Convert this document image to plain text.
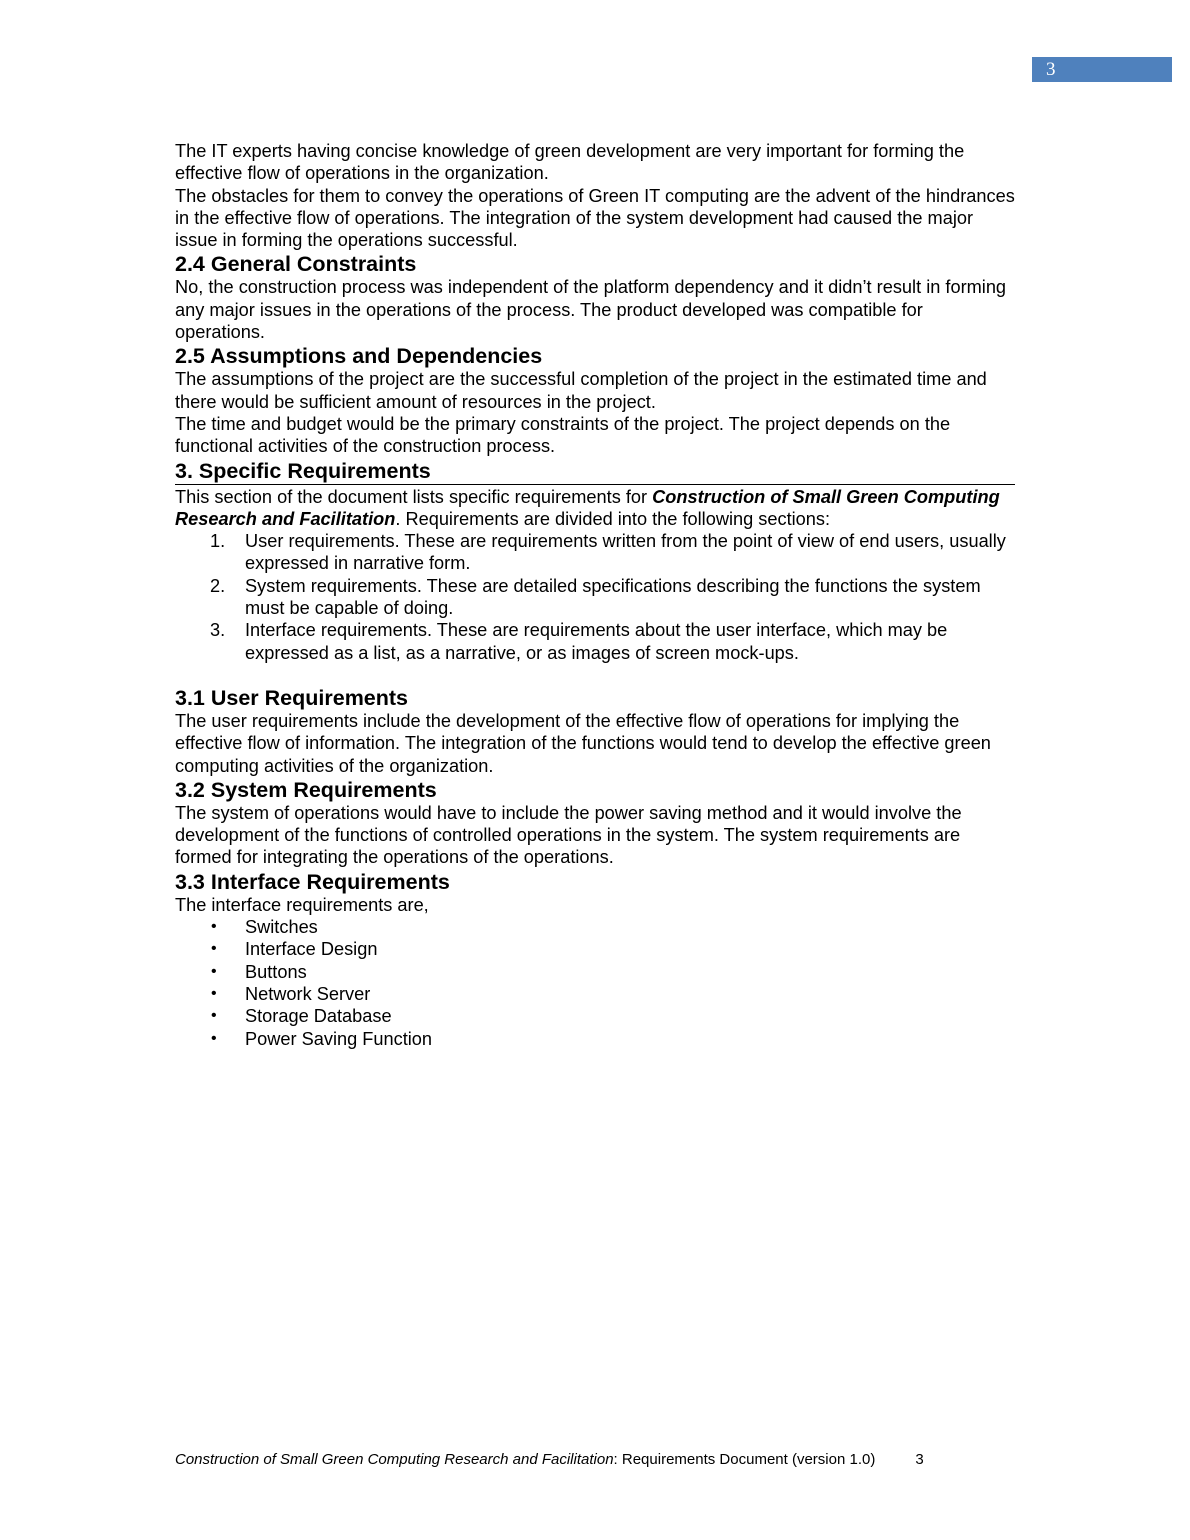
3

The IT experts having concise knowledge of green development are very important for forming the effective flow of operations in the organization.

The obstacles for them to convey the operations of Green IT computing are the advent of the hindrances in the effective flow of operations. The integration of the system development had caused the major issue in forming the operations successful.

2.4 General Constraints

No, the construction process was independent of the platform dependency and it didn’t result in forming any major issues in the operations of the process. The product developed was compatible for operations.

2.5 Assumptions and Dependencies

The assumptions of the project are the successful completion of the project in the estimated time and there would be sufficient amount of resources in the project.

The time and budget would be the primary constraints of the project. The project depends on the functional activities of the construction process.

3. Specific Requirements

This section of the document lists specific requirements for Construction of Small Green Computing Research and Facilitation. Requirements are divided into the following sections:

1. User requirements. These are requirements written from the point of view of end users, usually expressed in narrative form.
2. System requirements. These are detailed specifications describing the functions the system must be capable of doing.
3. Interface requirements. These are requirements about the user interface, which may be expressed as a list, as a narrative, or as images of screen mock-ups.
3.1 User Requirements

The user requirements include the development of the effective flow of operations for implying the effective flow of information. The integration of the functions would tend to develop the effective green computing activities of the organization.

3.2 System Requirements

The system of operations would have to include the power saving method and it would involve the development of the functions of controlled operations in the system. The system requirements are formed for integrating the operations of the operations.

3.3 Interface Requirements

The interface requirements are,

• Switches
• Interface Design
• Buttons
• Network Server
• Storage Database
• Power Saving Function
Construction of Small Green Computing Research and Facilitation: Requirements Document (version 1.0)	3
